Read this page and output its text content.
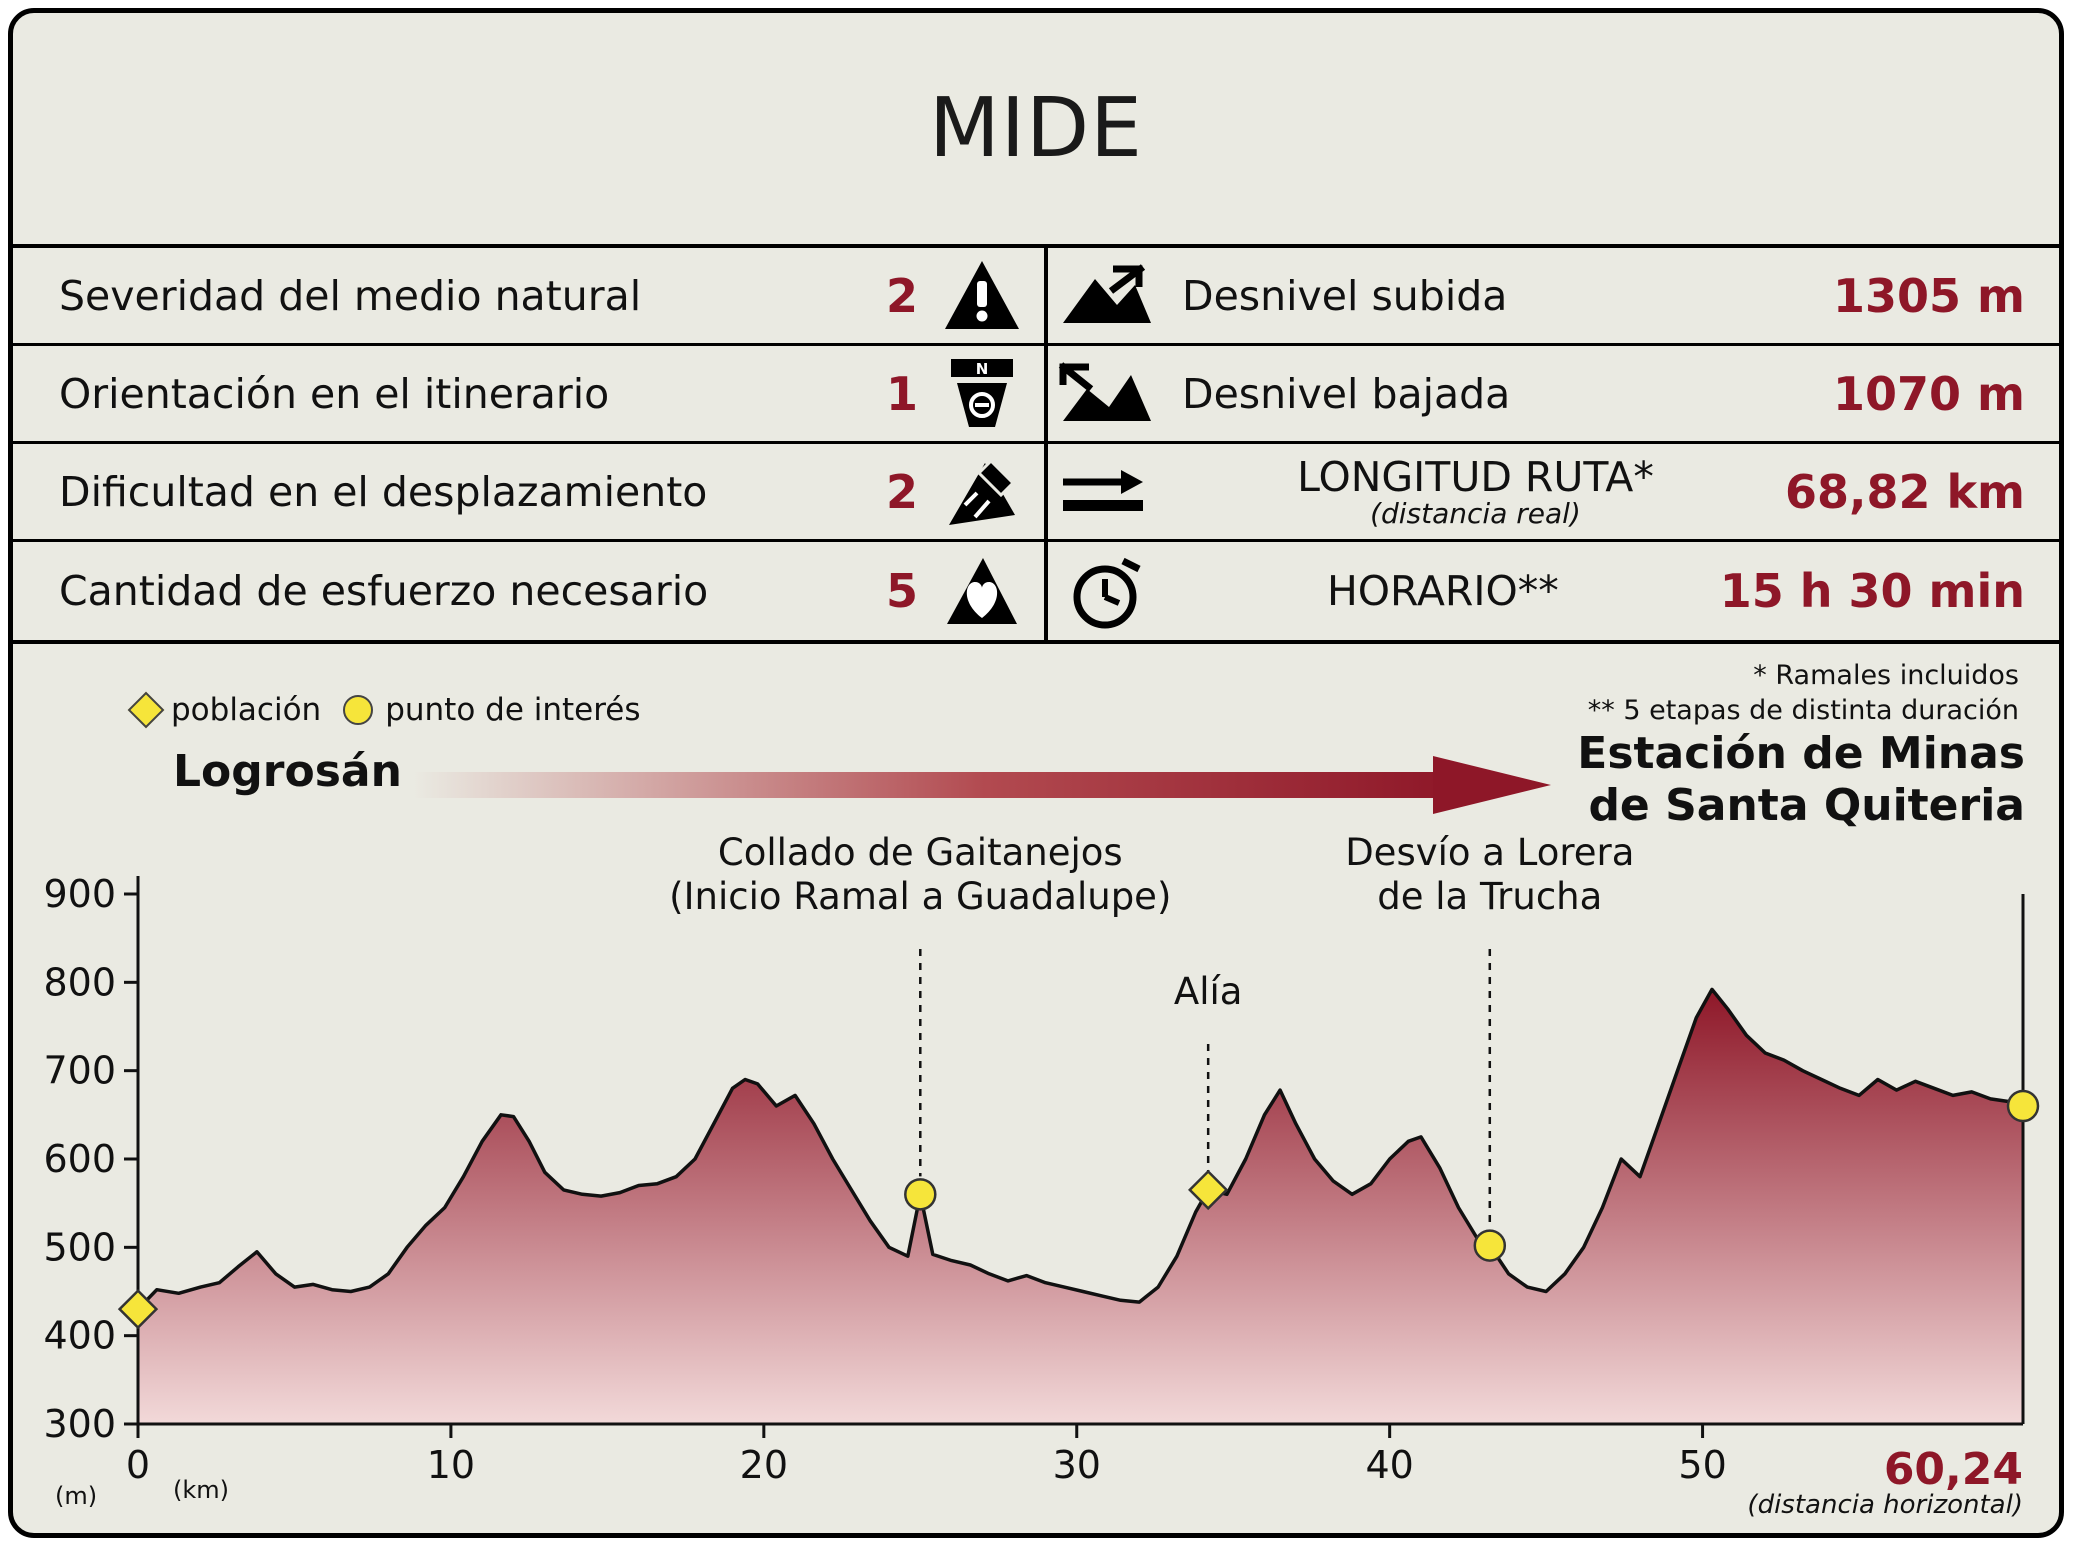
MIDE
Severidad del medio natural	2
Orientación en el itinerario	1	N
Dificultad en el desplazamiento	2
Cantidad de esfuerzo necesario	5
Desnivel subida	1305 m
Desnivel bajada	1070 m
LONGITUD RUTA*
(distancia real)	68,82 km
HORARIO**	15 h 30 min
* Ramales incluidos
** 5 etapas de distinta duración
población punto de interés
Logrosán	Estación de Minas
de Santa Quiteria
300
400
500
600
700
800
900
0	10	20	30	40	50	60,24
Collado de Gaitanejos
(Inicio Ramal a Guadalupe)
Alía
Desvío a Lorera
de la Trucha
(m)	(km)	(distancia horizontal)
